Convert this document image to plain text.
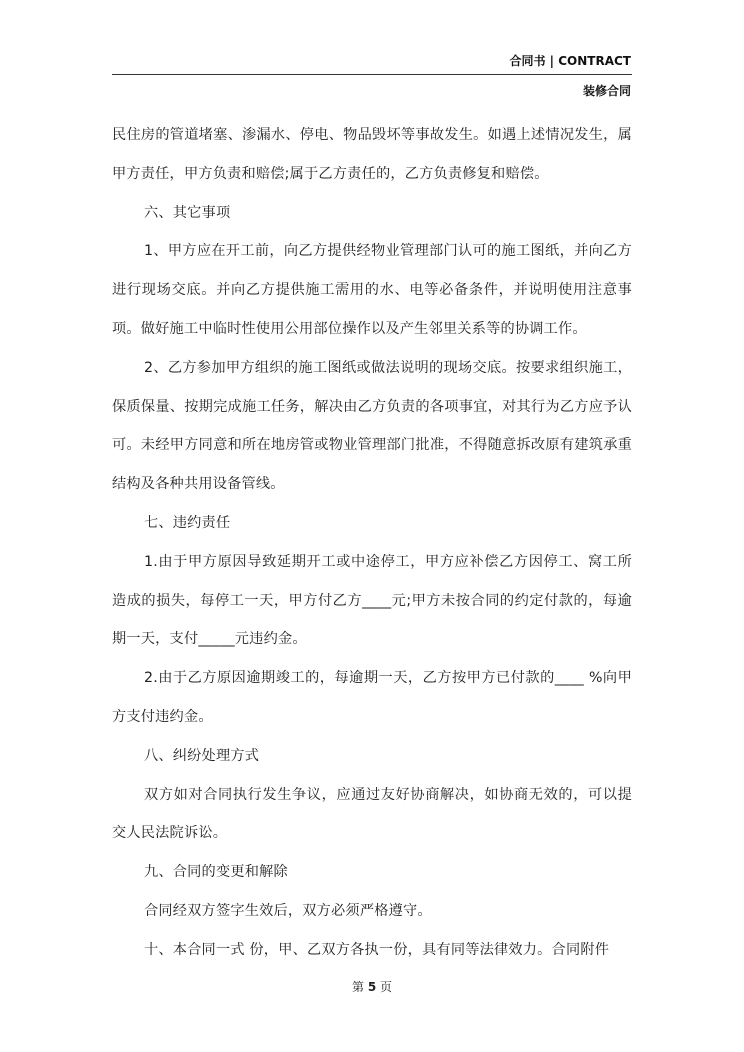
合同书 | CONTRACT
装修合同

民住房的管道堵塞、渗漏水、停电、物品毁坏等事故发生。如遇上述情况发生，属甲方责任，甲方负责和赔偿;属于乙方责任的，乙方负责修复和赔偿。

六、其它事项

1、甲方应在开工前，向乙方提供经物业管理部门认可的施工图纸，并向乙方进行现场交底。并向乙方提供施工需用的水、电等必备条件，并说明使用注意事项。做好施工中临时性使用公用部位操作以及产生邻里关系等的协调工作。

2、乙方参加甲方组织的施工图纸或做法说明的现场交底。按要求组织施工，保质保量、按期完成施工任务，解决由乙方负责的各项事宜，对其行为乙方应予认可。未经甲方同意和所在地房管或物业管理部门批准，不得随意拆改原有建筑承重结构及各种共用设备管线。

七、违约责任

1.由于甲方原因导致延期开工或中途停工，甲方应补偿乙方因停工、窝工所造成的损失，每停工一天，甲方付乙方____元;甲方未按合同的约定付款的，每逾期一天，支付_____元违约金。

2.由于乙方原因逾期竣工的，每逾期一天，乙方按甲方已付款的____ %向甲方支付违约金。

八、纠纷处理方式

双方如对合同执行发生争议，应通过友好协商解决，如协商无效的，可以提交人民法院诉讼。

九、合同的变更和解除

合同经双方签字生效后，双方必须严格遵守。

十、本合同一式 份，甲、乙双方各执一份，具有同等法律效力。合同附件

第 5 页
